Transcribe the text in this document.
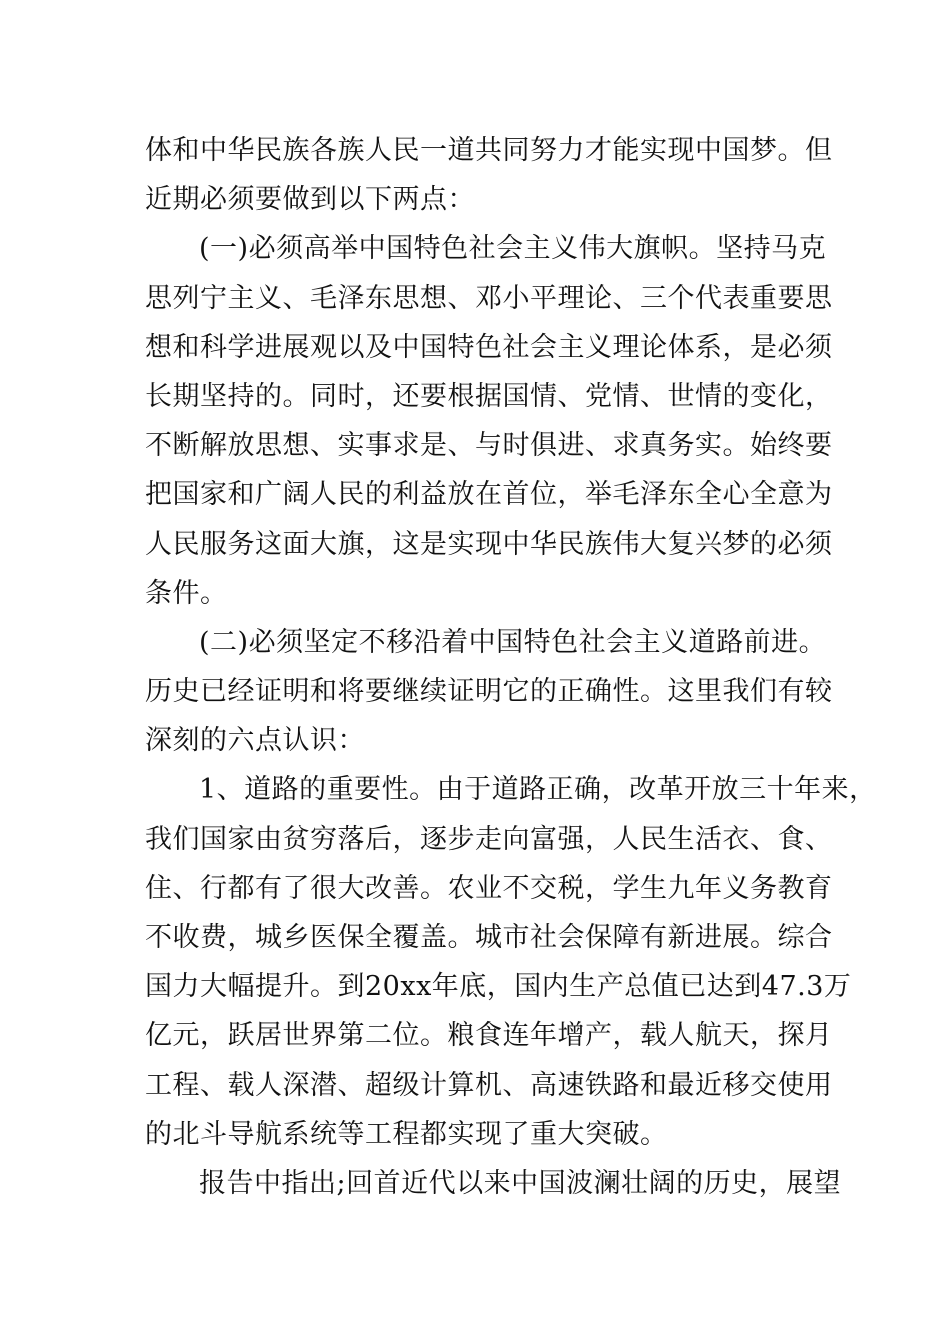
体和中华民族各族人民一道共同努力才能实现中国梦。但
近期必须要做到以下两点：
(一)必须高举中国特色社会主义伟大旗帜。坚持马克
思列宁主义、毛泽东思想、邓小平理论、三个代表重要思
想和科学进展观以及中国特色社会主义理论体系，是必须
长期坚持的。同时，还要根据国情、党情、世情的变化，
不断解放思想、实事求是、与时俱进、求真务实。始终要
把国家和广阔人民的利益放在首位，举毛泽东全心全意为
人民服务这面大旗，这是实现中华民族伟大复兴梦的必须
条件。
(二)必须坚定不移沿着中国特色社会主义道路前进。
历史已经证明和将要继续证明它的正确性。这里我们有较
深刻的六点认识：
1、道路的重要性。由于道路正确，改革开放三十年来，
我们国家由贫穷落后，逐步走向富强，人民生活衣、食、
住、行都有了很大改善。农业不交税，学生九年义务教育
不收费，城乡医保全覆盖。城市社会保障有新进展。综合
国力大幅提升。到20xx年底，国内生产总值已达到47.3万
亿元，跃居世界第二位。粮食连年增产，载人航天，探月
工程、载人深潜、超级计算机、高速铁路和最近移交使用
的北斗导航系统等工程都实现了重大突破。
报告中指出;回首近代以来中国波澜壮阔的历史，展望
